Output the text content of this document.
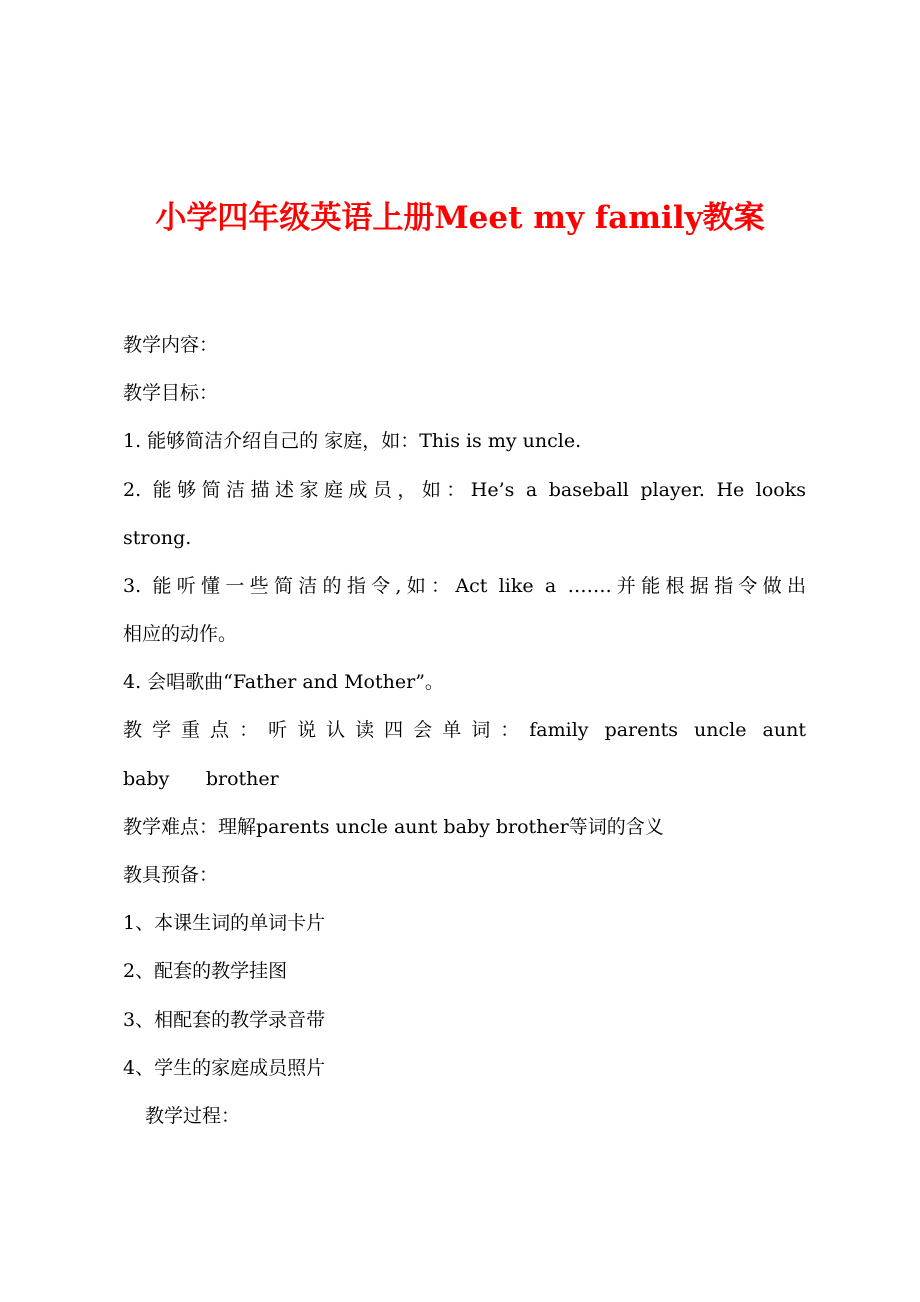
小学四年级英语上册Meet my family教案
教学内容：
教学目标：
1. 能够简洁介绍自己的 家庭，如：This is my uncle.
2. 能够简洁描述家庭成员，如：He’s a baseball player. He looks
strong.
3. 能听懂一些简洁的指令,如：Act like a …….并能根据指令做出
相应的动作。
4. 会唱歌曲“Father and Mother”。
教学重点：听说认读四会单词：family parents uncle aunt
baby brother
教学难点：理解parents uncle aunt baby brother等词的含义
教具预备：
1、本课生词的单词卡片
2、配套的教学挂图
3、相配套的教学录音带
4、学生的家庭成员照片
教学过程：
